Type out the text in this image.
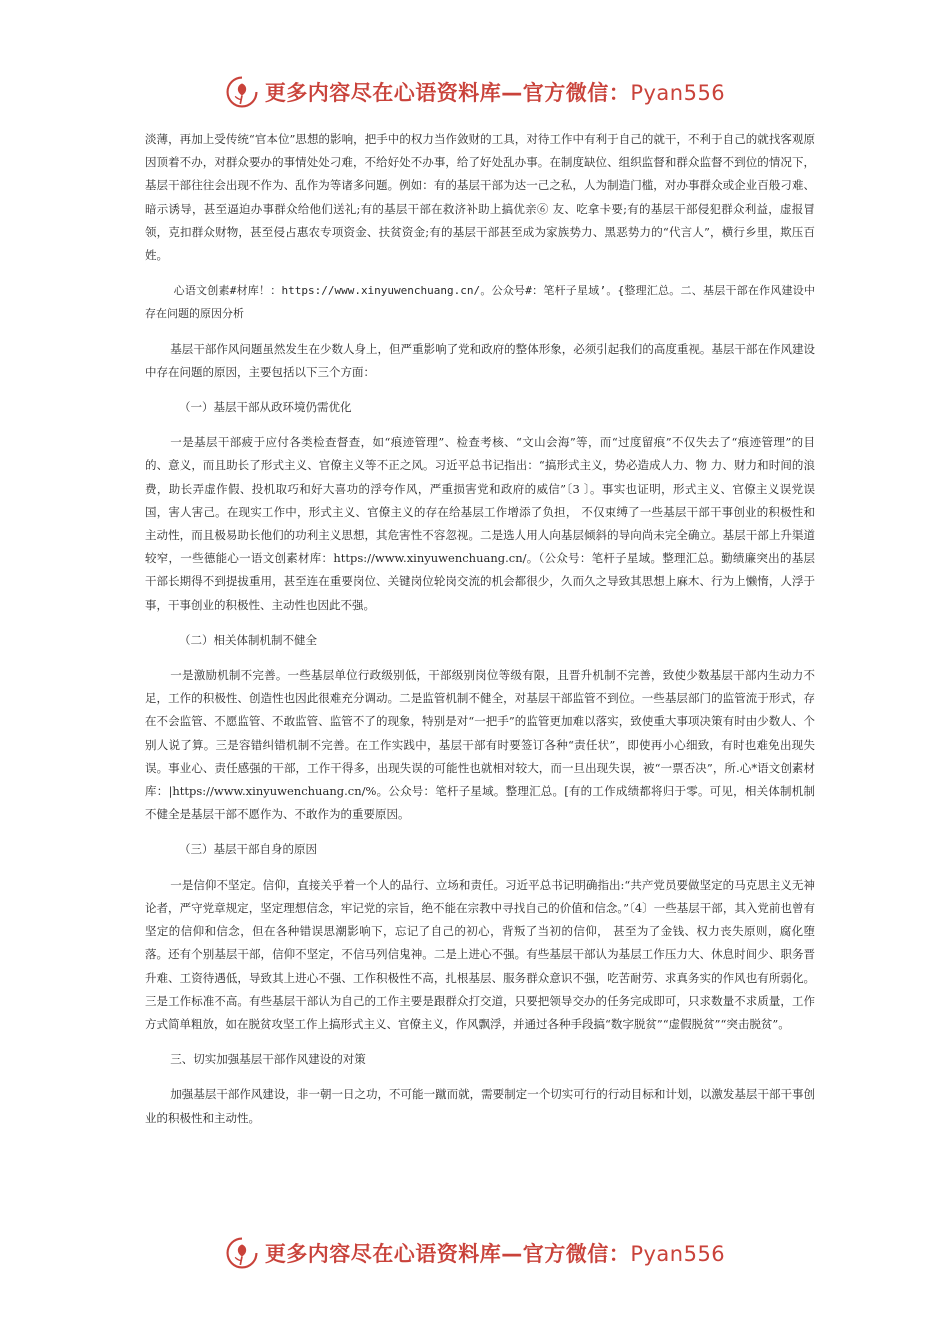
更多内容尽在心语资料库—官方微信：Pyan556

淡薄，再加上受传统“官本位”思想的影响，把手中的权力当作敛财的工具，对待工作中有利于自己的就干，不利于自己的就找客观原因顶着不办，对群众要办的事情处处刁难，不给好处不办事，给了好处乱办事。在制度缺位、组织监督和群众监督不到位的情况下，基层干部往往会出现不作为、乱作为等诸多问题。例如：有的基层干部为达一己之私，人为制造门槛，对办事群众或企业百般刁难、暗示诱导，甚至逼迫办事群众给他们送礼;有的基层干部在救济补助上搞优亲⑥ 友、吃拿卡要;有的基层干部侵犯群众利益，虚报冒领，克扣群众财物，甚至侵占惠农专项资金、扶贫资金;有的基层干部甚至成为家族势力、黑恶势力的“代言人”，横行乡里，欺压百姓。

心语文创素#材库！：https://www.xinyuwenchuang.cn/。公众号#：笔杆子星域’。{整理汇总。二、基层干部在作风建设中存在问题的原因分析

基层干部作风问题虽然发生在少数人身上，但严重影响了党和政府的整体形象，必须引起我们的高度重视。基层干部在作风建设中存在问题的原因，主要包括以下三个方面：

（一）基层干部从政环境仍需优化

一是基层干部疲于应付各类检查督查，如“痕迹管理”、检查考核、“文山会海”等，而“过度留痕”不仅失去了“痕迹管理”的目的、意义，而且助长了形式主义、官僚主义等不正之风。习近平总书记指出：“搞形式主义，势必造成人力、物 力、财力和时间的浪费，助长弄虚作假、投机取巧和好大喜功的浮夸作风，严重损害党和政府的威信”〔3 〕。事实也证明，形式主义、官僚主义误党误国，害人害己。在现实工作中，形式主义、官僚主义的存在给基层工作增添了负担， 不仅束缚了一些基层干部干事创业的积极性和主动性，而且极易助长他们的功利主义思想，其危害性不容忽视。二是选人用人向基层倾斜的导向尚未完全确立。基层干部上升渠道较窄，一些德能心一语文创素材库：https://www.xinyuwenchuang.cn/。（公众号：笔杆子星域。整理汇总。勤绩廉突出的基层干部长期得不到提拔重用，甚至连在重要岗位、关键岗位轮岗交流的机会都很少，久而久之导致其思想上麻木、行为上懒惰，人浮于事，干事创业的积极性、主动性也因此不强。

（二）相关体制机制不健全

一是激励机制不完善。一些基层单位行政级别低，干部级别岗位等级有限，且晋升机制不完善，致使少数基层干部内生动力不足，工作的积极性、创造性也因此很难充分调动。二是监管机制不健全，对基层干部监管不到位。一些基层部门的监管流于形式，存在不会监管、不愿监管、不敢监管、监管不了的现象，特别是对“一把手”的监管更加难以落实，致使重大事项决策有时由少数人、个别人说了算。三是容错纠错机制不完善。在工作实践中，基层干部有时要签订各种“责任状”，即使再小心细致，有时也难免出现失误。事业心、责任感强的干部，工作干得多，出现失误的可能性也就相对较大，而一旦出现失误，被“一票否决”，所.心*语文创素材库：|https://www.xinyuwenchuang.cn/%。公众号：笔杆子星域。整理汇总。[有的工作成绩都将归于零。可见，相关体制机制不健全是基层干部不愿作为、不敢作为的重要原因。

（三）基层干部自身的原因

一是信仰不坚定。信仰，直接关乎着一个人的品行、立场和责任。习近平总书记明确指出:“共产党员要做坚定的马克思主义无神论者，严守党章规定，坚定理想信念，牢记党的宗旨，绝不能在宗教中寻找自己的价值和信念。”〔4〕一些基层干部，其入党前也曾有坚定的信仰和信念，但在各种错误思潮影响下，忘记了自己的初心，背叛了当初的信仰， 甚至为了金钱、权力丧失原则，腐化堕落。还有个别基层干部，信仰不坚定，不信马列信鬼神。二是上进心不强。有些基层干部认为基层工作压力大、休息时间少、职务晋升难、工资待遇低，导致其上进心不强、工作积极性不高，扎根基层、服务群众意识不强，吃苦耐劳、求真务实的作风也有所弱化。三是工作标准不高。有些基层干部认为自己的工作主要是跟群众打交道，只要把领导交办的任务完成即可，只求数量不求质量，工作方式简单粗放，如在脱贫攻坚工作上搞形式主义、官僚主义，作风飘浮，并通过各种手段搞“数字脱贫”“虚假脱贫”“突击脱贫”。

三、切实加强基层干部作风建设的对策

加强基层干部作风建设，非一朝一日之功，不可能一蹴而就，需要制定一个切实可行的行动目标和计划，以激发基层干部干事创业的积极性和主动性。

更多内容尽在心语资料库—官方微信：Pyan556
